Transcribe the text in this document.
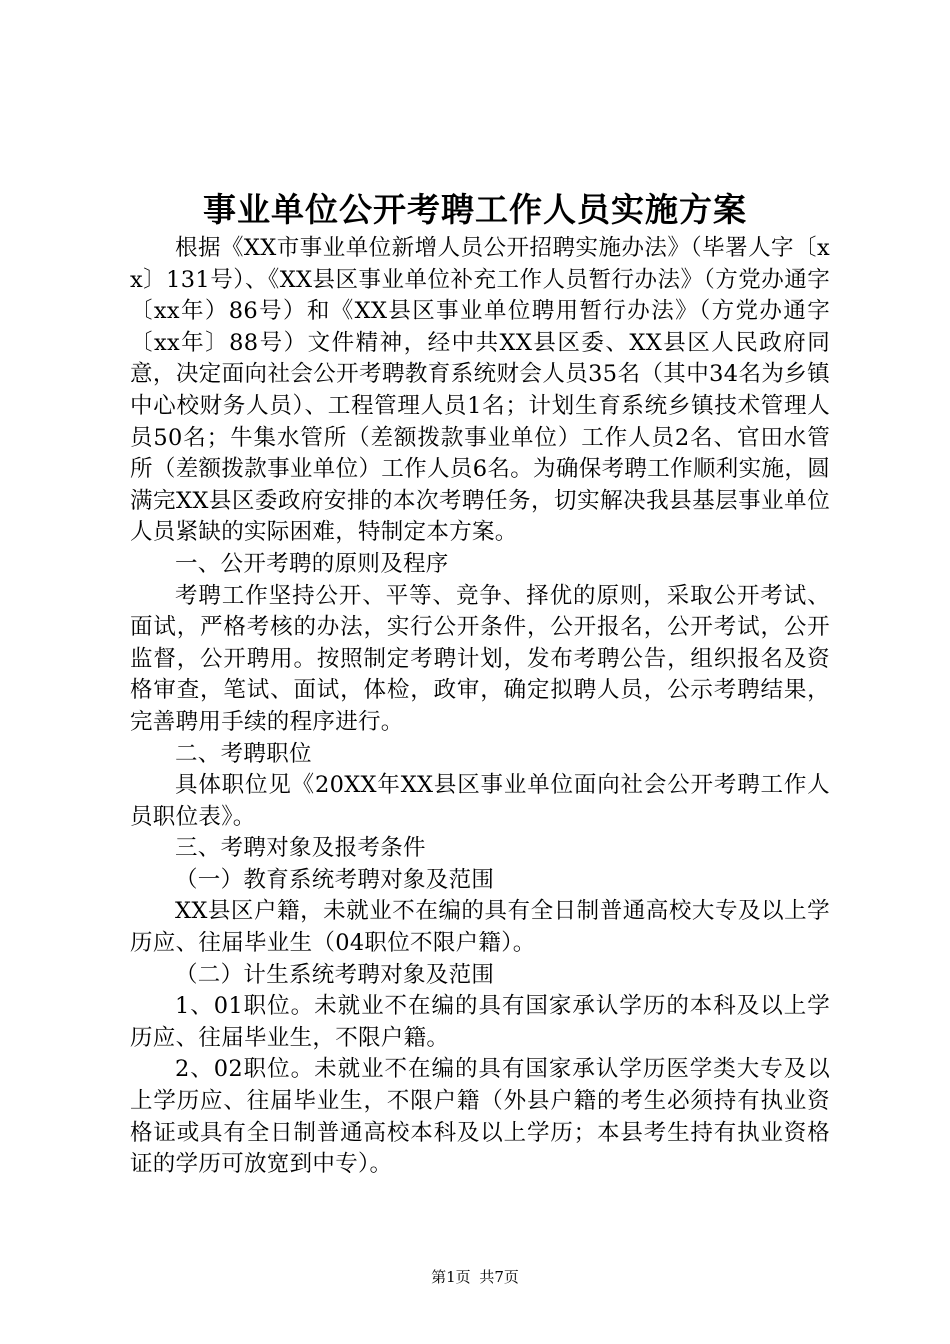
事业单位公开考聘工作人员实施方案

根据《XX市事业单位新增人员公开招聘实施办法》（毕署人字〔xx〕131号）、《XX县区事业单位补充工作人员暂行办法》（方党办通字〔xx年）86号）和《XX县区事业单位聘用暂行办法》（方党办通字〔xx年〕88号）文件精神，经中共XX县区委、XX县区人民政府同意，决定面向社会公开考聘教育系统财会人员35名（其中34名为乡镇中心校财务人员）、工程管理人员1名；计划生育系统乡镇技术管理人员50名；牛集水管所（差额拨款事业单位）工作人员2名、官田水管所（差额拨款事业单位）工作人员6名。为确保考聘工作顺利实施，圆满完XX县区委政府安排的本次考聘任务，切实解决我县基层事业单位人员紧缺的实际困难，特制定本方案。

一、公开考聘的原则及程序

考聘工作坚持公开、平等、竞争、择优的原则，采取公开考试、面试，严格考核的办法，实行公开条件，公开报名，公开考试，公开监督，公开聘用。按照制定考聘计划，发布考聘公告，组织报名及资格审查，笔试、面试，体检，政审，确定拟聘人员，公示考聘结果，完善聘用手续的程序进行。

二、考聘职位

具体职位见《20XX年XX县区事业单位面向社会公开考聘工作人员职位表》。

三、考聘对象及报考条件

（一）教育系统考聘对象及范围

XX县区户籍，未就业不在编的具有全日制普通高校大专及以上学历应、往届毕业生（04职位不限户籍）。

（二）计生系统考聘对象及范围

1、01职位。未就业不在编的具有国家承认学历的本科及以上学历应、往届毕业生，不限户籍。

2、02职位。未就业不在编的具有国家承认学历医学类大专及以上学历应、往届毕业生，不限户籍（外县户籍的考生必须持有执业资格证或具有全日制普通高校本科及以上学历；本县考生持有执业资格证的学历可放宽到中专）。

第1页 共7页
